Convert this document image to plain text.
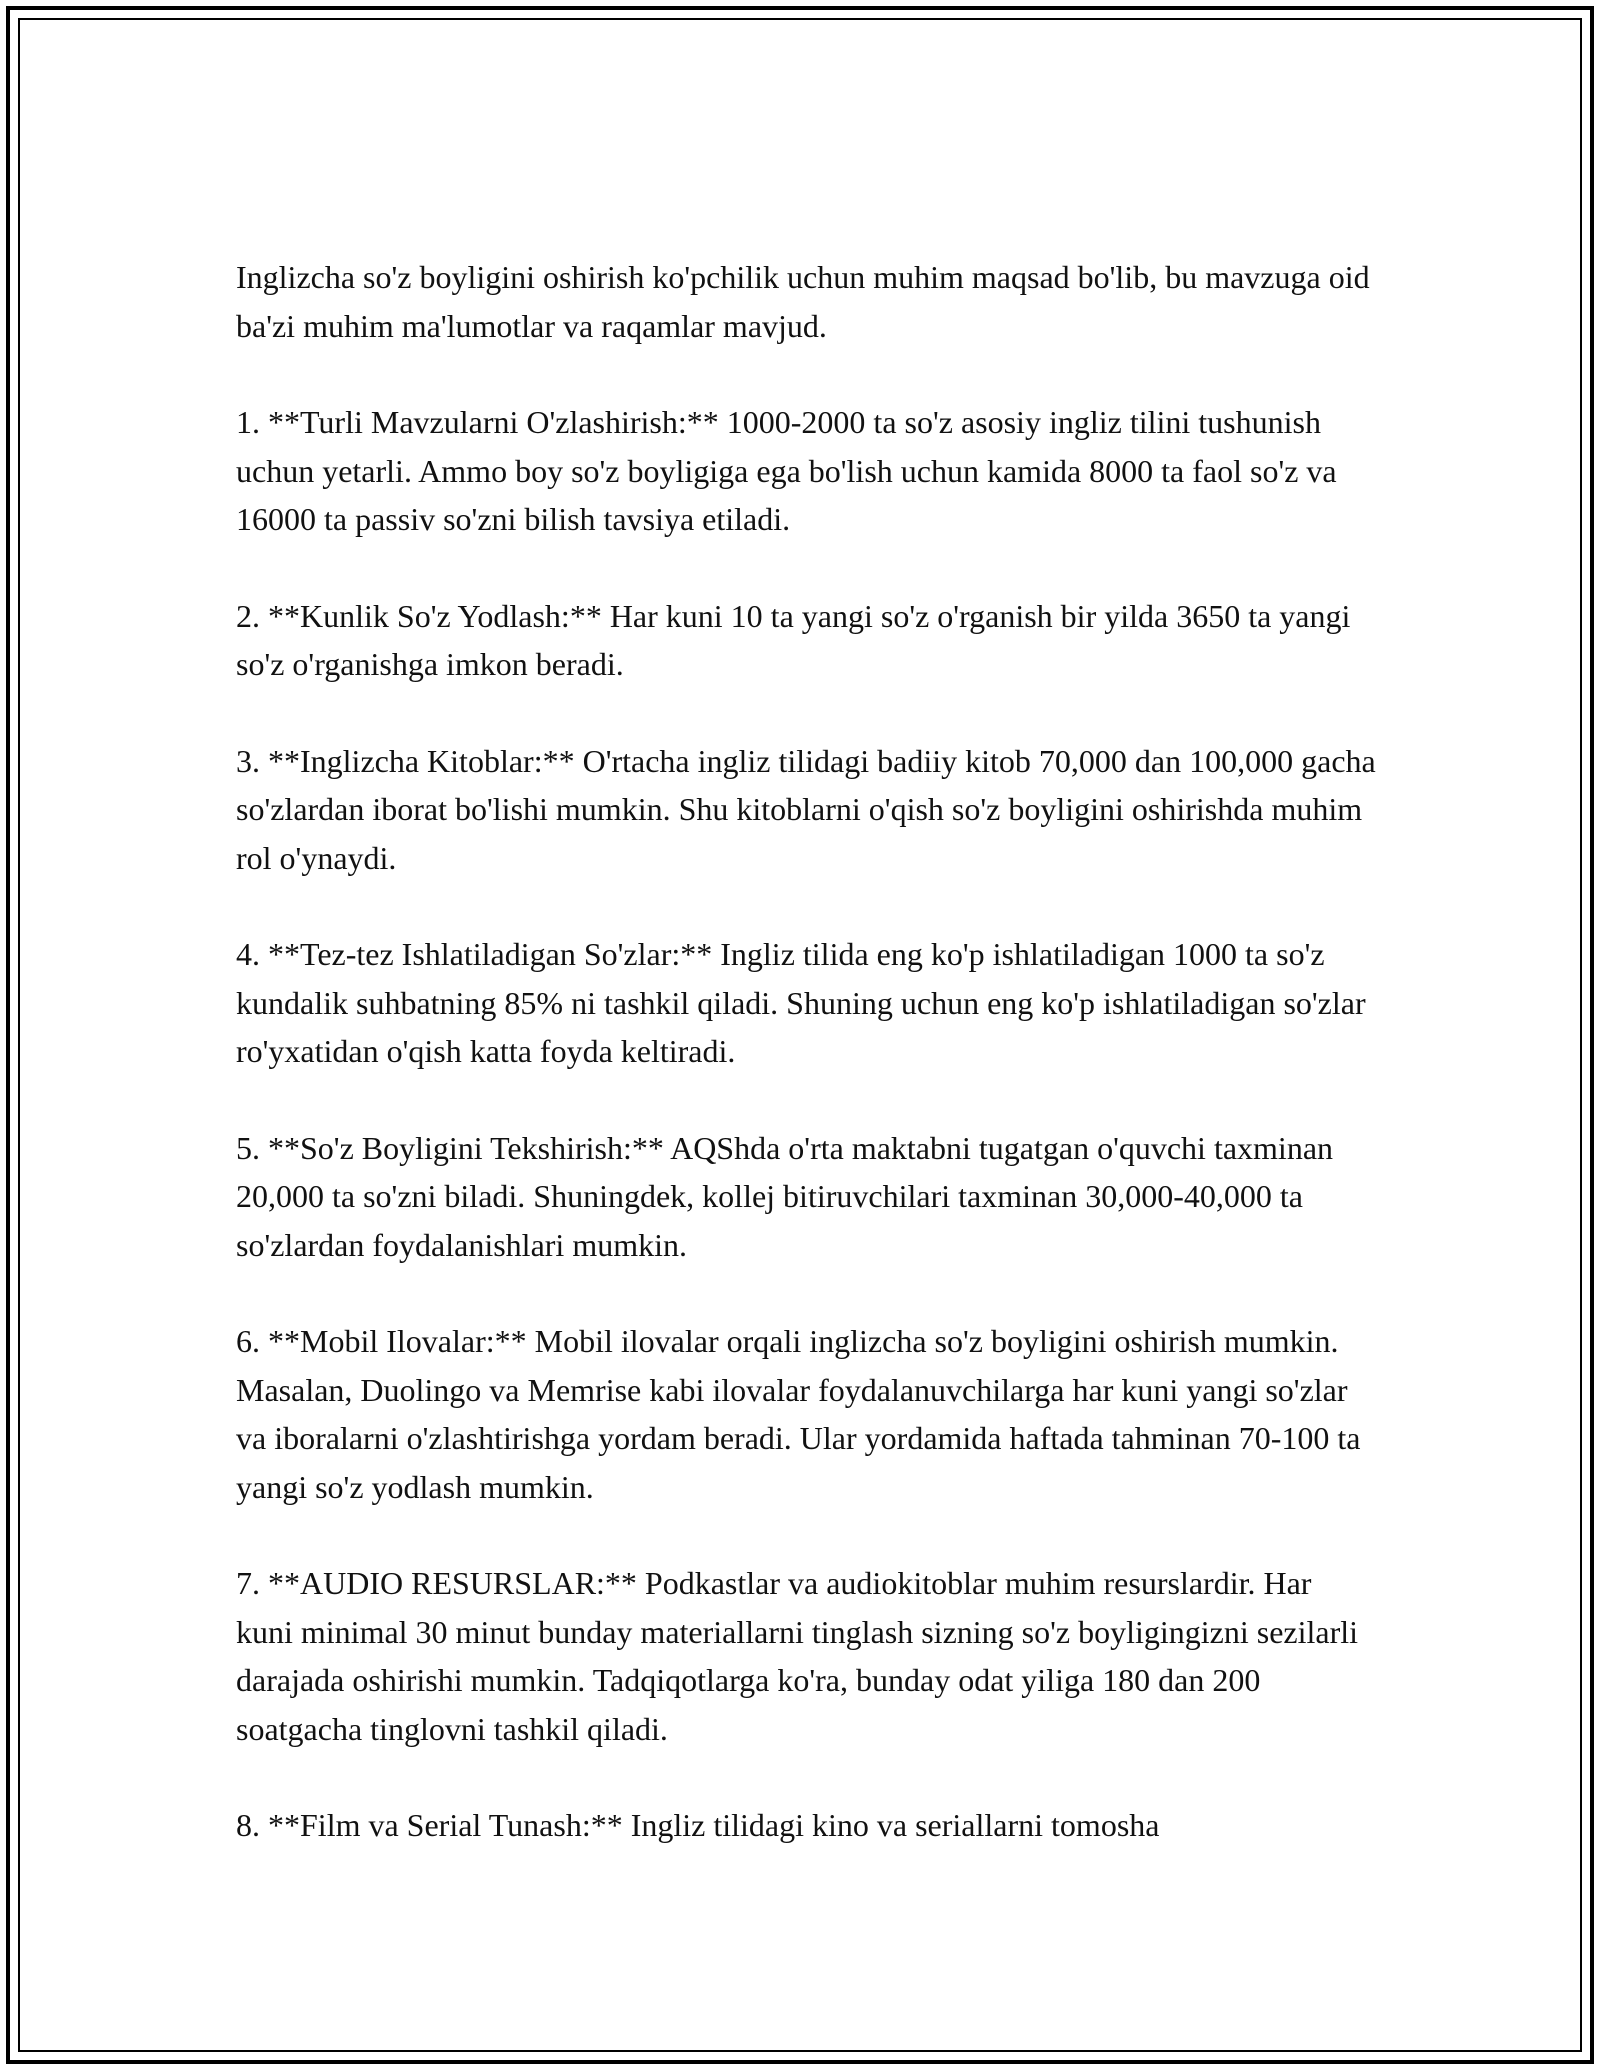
Inglizcha so'z boyligini oshirish ko'pchilik uchun muhim maqsad bo'lib, bu mavzuga oid ba'zi muhim ma'lumotlar va raqamlar mavjud.

1. **Turli Mavzularni O'zlashirish:** 1000-2000 ta so'z asosiy ingliz tilini tushunish uchun yetarli. Ammo boy so'z boyligiga ega bo'lish uchun kamida 8000 ta faol so'z va 16000 ta passiv so'zni bilish tavsiya etiladi.

2. **Kunlik So'z Yodlash:** Har kuni 10 ta yangi so'z o'rganish bir yilda 3650 ta yangi so'z o'rganishga imkon beradi.

3. **Inglizcha Kitoblar:** O'rtacha ingliz tilidagi badiiy kitob 70,000 dan 100,000 gacha so'zlardan iborat bo'lishi mumkin. Shu kitoblarni o'qish so'z boyligini oshirishda muhim rol o'ynaydi.

4. **Tez-tez Ishlatiladigan So'zlar:** Ingliz tilida eng ko'p ishlatiladigan 1000 ta so'z kundalik suhbatning 85% ni tashkil qiladi. Shuning uchun eng ko'p ishlatiladigan so'zlar ro'yxatidan o'qish katta foyda keltiradi.

5. **So'z Boyligini Tekshirish:** AQShda o'rta maktabni tugatgan o'quvchi taxminan 20,000 ta so'zni biladi. Shuningdek, kollej bitiruvchilari taxminan 30,000-40,000 ta so'zlardan foydalanishlari mumkin.

6. **Mobil Ilovalar:** Mobil ilovalar orqali inglizcha so'z boyligini oshirish mumkin. Masalan, Duolingo va Memrise kabi ilovalar foydalanuvchilarga har kuni yangi so'zlar va iboralarni o'zlashtirishga yordam beradi. Ular yordamida haftada tahminan 70-100 ta yangi so'z yodlash mumkin.

7. **AUDIO RESURSLAR:** Podkastlar va audiokitoblar muhim resurslardir. Har kuni minimal 30 minut bunday materiallarni tinglash sizning so'z boyligingizni sezilarli darajada oshirishi mumkin. Tadqiqotlarga ko'ra, bunday odat yiliga 180 dan 200 soatgacha tinglovni tashkil qiladi.

8. **Film va Serial Tunash:** Ingliz tilidagi kino va seriallarni tomosha
